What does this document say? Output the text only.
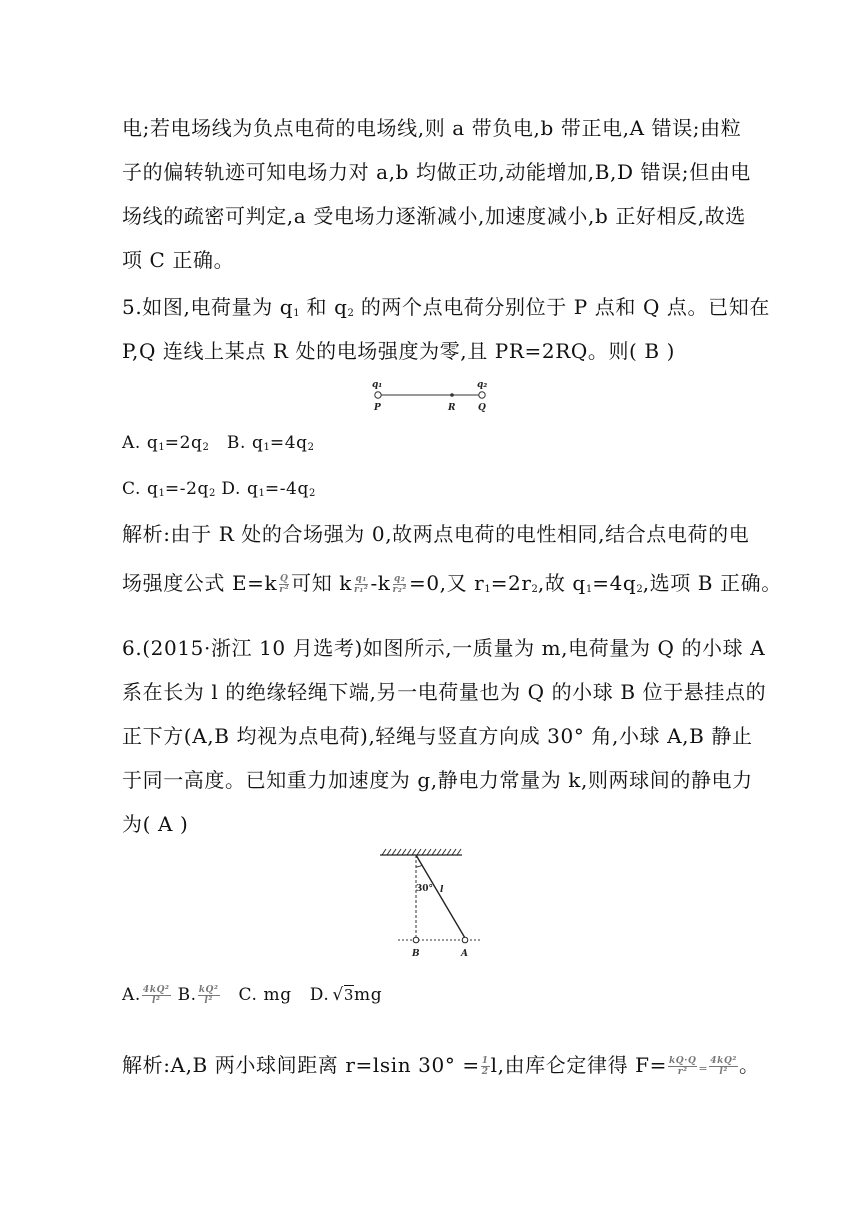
电;若电场线为负点电荷的电场线,则 a 带负电,b 带正电,A 错误;由粒
子的偏转轨迹可知电场力对 a,b 均做正功,动能增加,B,D 错误;但由电
场线的疏密可判定,a 受电场力逐渐减小,加速度减小,b 正好相反,故选
项 C 正确。
5.如图,电荷量为 $q_1$ 和 $q_2$ 的两个点电荷分别位于 P 点和 Q 点。已知在
P,Q 连线上某点 R 处的电场强度为零,且 PR=2RQ。则( B )
q₁	q₂
P	R	Q
A. $q_1=2q_2$ B. $q_1=4q_2$
C. $q_1=-2q_2$ D. $q_1=-4q_2$
解析:由于 R 处的合场强为 0,故两点电荷的电性相同,结合点电荷的电
场强度公式 $E=k \frac{Q}{\text{r²}}$ 可知 k $\frac{\text{q₁}}{\text{r₁²}} -k \frac{\text{q₂}}{\text{r₂²}} =0$,又 $r_1=2r_2$,故 $q_1=4q_2$,选项 B 正确。
6.(2015·浙江 10 月选考)如图所示,一质量为 m,电荷量为 Q 的小球 A
系在长为 l 的绝缘轻绳下端,另一电荷量也为 Q 的小球 B 位于悬挂点的
正下方(A,B 均视为点电荷),轻绳与竖直方向成 30° 角,小球 A,B 静止
于同一高度。已知重力加速度为 g,静电力常量为 k,则两球间的静电力
为( A )
30° l
B	A
A. $\frac{\text{4kQ²}}{\text{l²}} B$. $\frac{\text{kQ²}}{\text{l²}} C$. mg D. √3mg
解析:A,B 两小球间距离 r=lsin $30^\circ = \frac{1}{2} l$,由库仑定律得 $F= \frac{kQ\cdot Q}{\text{r²}} = \frac{\text{4kQ²}}{\text{l²}}$ 。
